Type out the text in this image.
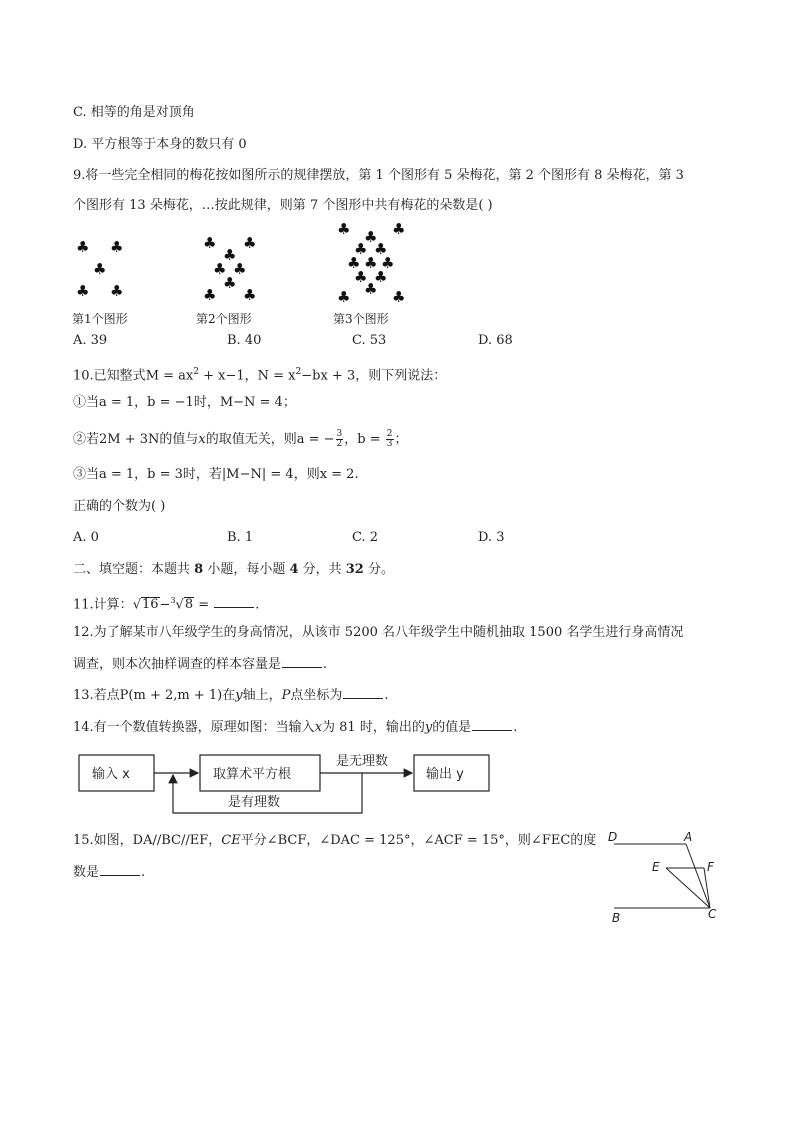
C. 相等的角是对顶角
D. 平方根等于本身的数只有 0
9.将一些完全相同的梅花按如图所示的规律摆放，第 1 个图形有 5 朵梅花，第 2 个图形有 8 朵梅花，第 3
个图形有 13 朵梅花，…按此规律，则第 7 个图形中共有梅花的朵数是( )
♣ ♣
♣
♣ ♣
♣ ♣
♣
♣ ♣
♣
♣ ♣
♣	♣
♣
♣ ♣
♣ ♣ ♣
♣ ♣
♣
♣	♣
第1个图形	第2个图形	第3个图形
A. 39	B. 40	C. 53	D. 68
10.已知整式$M = ax^2 + x-1$，$N = x^2-bx + 3$，则下列说法：
①当a = 1，b = −1时，M−N = 4；
②若2M + 3N的值与x的取值无关，则a = − $\frac{3}{2}$ ，$b = \frac{2}{3}$ ；
③当a = 1，b = 3时，若|M−N| = 4，则x = 2.
正确的个数为( )
A. 0	B. 1	C. 2	D. 3
二、填空题：本题共 8 小题，每小题 4 分，共 32 分。
11.计算：√16−$^3$√8 =	.
12.为了解某市八年级学生的身高情况，从该市 5200 名八年级学生中随机抽取 1500 名学生进行身高情况
调查，则本次抽样调查的样本容量是	.
13.若点P(m + 2,m + 1)在y轴上，P点坐标为	.
14.有一个数值转换器，原理如图：当输入x为 81 时，输出的y的值是	.
输入 x	取算术平方根
是无理数
输出 y
是有理数
15.如图，DA//BC//EF，CE平分∠BCF，∠DAC = 125°，∠ACF = 15°，则∠FEC的度
数是	.
D	A
E	F
B	C
